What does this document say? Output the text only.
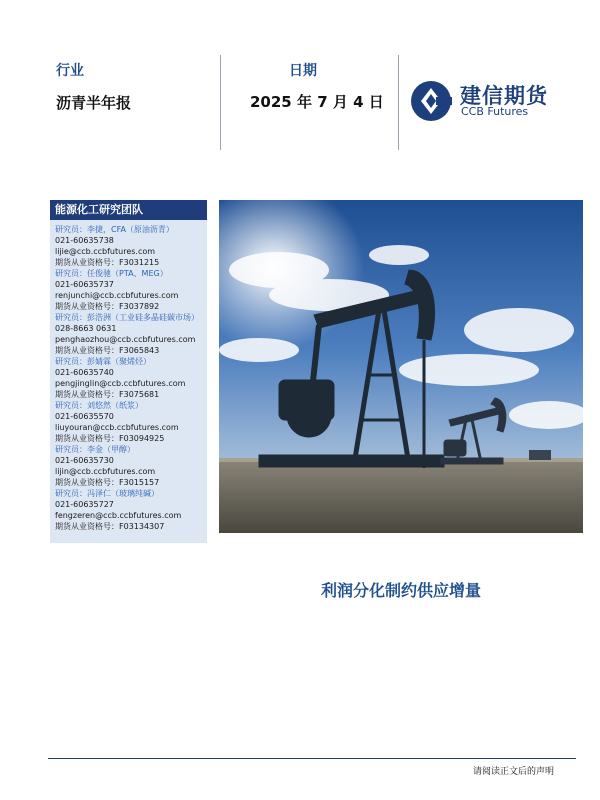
行业
沥青半年报
日期
2025 年 7 月 4 日	建信期货
CCB Futures
能源化工研究团队
研究员：李捷，CFA（原油沥青）
021-60635738
lijie@ccb.ccbfutures.com
期货从业资格号：F3031215
研究员：任俊驰（PTA、MEG）
021-60635737
renjunchi@ccb.ccbfutures.com
期货从业资格号：F3037892
研究员：彭浩洲（工业硅多晶硅碳市场）
028-8663 0631
penghaozhou@ccb.ccbfutures.com
期货从业资格号：F3065843
研究员：彭婧霖（聚烯烃）
021-60635740
pengjinglin@ccb.ccbfutures.com
期货从业资格号：F3075681
研究员：刘悠然（纸浆）
021-60635570
liuyouran@ccb.ccbfutures.com
期货从业资格号：F03094925
研究员：李金（甲醇）
021-60635730
lijin@ccb.ccbfutures.com
期货从业资格号：F3015157
研究员：冯泽仁（玻璃纯碱）
021-60635727
fengzeren@ccb.ccbfutures.com
期货从业资格号：F03134307
利润分化制约供应增量
请阅读正文后的声明
